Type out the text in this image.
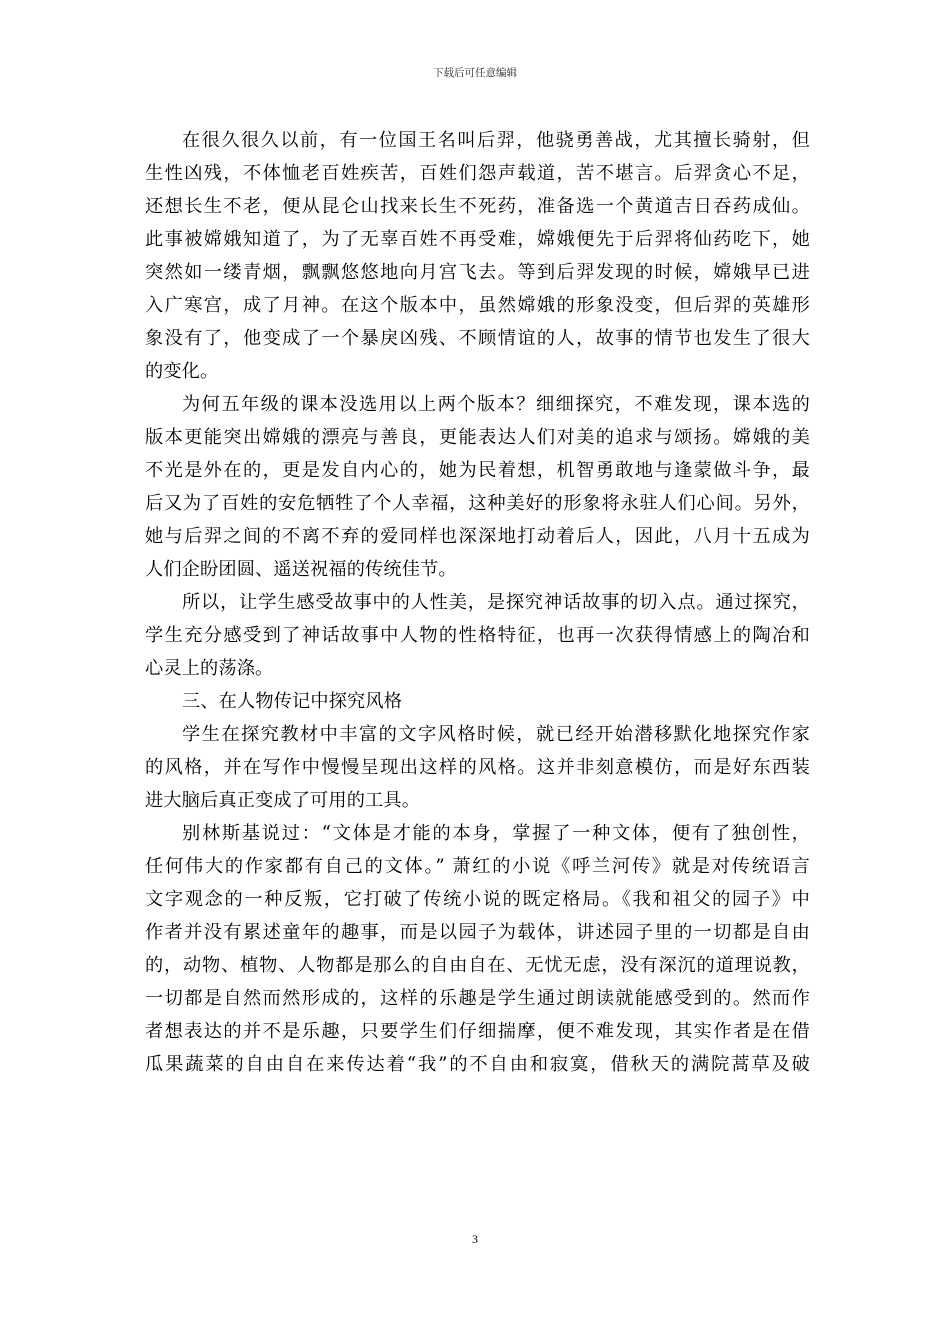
下载后可任意编辑
在很久很久以前，有一位国王名叫后羿，他骁勇善战，尤其擅长骑射，但
生性凶残，不体恤老百姓疾苦，百姓们怨声载道，苦不堪言。后羿贪心不足，
还想长生不老，便从昆仑山找来长生不死药，准备选一个黄道吉日吞药成仙。
此事被嫦娥知道了，为了无辜百姓不再受难，嫦娥便先于后羿将仙药吃下，她
突然如一缕青烟，飘飘悠悠地向月宫飞去。等到后羿发现的时候，嫦娥早已进
入广寒宫，成了月神。在这个版本中，虽然嫦娥的形象没变，但后羿的英雄形
象没有了，他变成了一个暴戾凶残、不顾情谊的人，故事的情节也发生了很大
的变化。
为何五年级的课本没选用以上两个版本？细细探究，不难发现，课本选的
版本更能突出嫦娥的漂亮与善良，更能表达人们对美的追求与颂扬。嫦娥的美
不光是外在的，更是发自内心的，她为民着想，机智勇敢地与逢蒙做斗争，最
后又为了百姓的安危牺牲了个人幸福，这种美好的形象将永驻人们心间。另外，
她与后羿之间的不离不弃的爱同样也深深地打动着后人，因此，八月十五成为
人们企盼团圆、遥送祝福的传统佳节。
所以，让学生感受故事中的人性美，是探究神话故事的切入点。通过探究，
学生充分感受到了神话故事中人物的性格特征，也再一次获得情感上的陶冶和
心灵上的荡涤。
三、在人物传记中探究风格
学生在探究教材中丰富的文字风格时候，就已经开始潜移默化地探究作家
的风格，并在写作中慢慢呈现出这样的风格。这并非刻意模仿，而是好东西装
进大脑后真正变成了可用的工具。
别林斯基说过：“文体是才能的本身，掌握了一种文体，便有了独创性，
任何伟大的作家都有自己的文体。” 萧红的小说《呼兰河传》就是对传统语言
文字观念的一种反叛，它打破了传统小说的既定格局。《我和祖父的园子》中
作者并没有累述童年的趣事，而是以园子为载体，讲述园子里的一切都是自由
的，动物、植物、人物都是那么的自由自在、无忧无虑，没有深沉的道理说教，
一切都是自然而然形成的，这样的乐趣是学生通过朗读就能感受到的。然而作
者想表达的并不是乐趣，只要学生们仔细揣摩，便不难发现，其实作者是在借
瓜果蔬菜的自由自在来传达着“我”的不自由和寂寞，借秋天的满院蒿草及破
3
